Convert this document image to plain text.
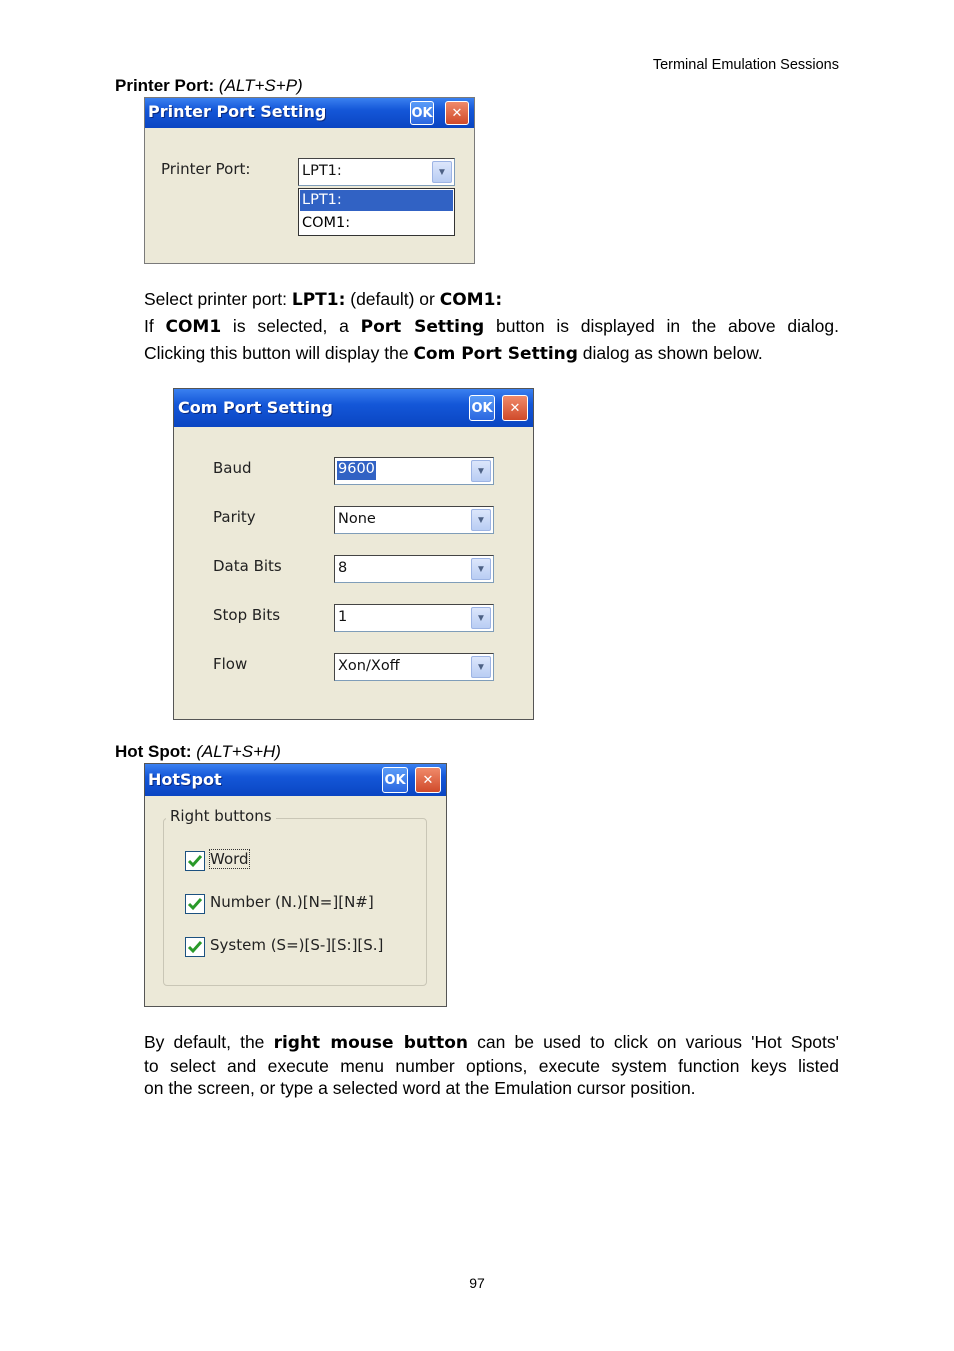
Terminal Emulation Sessions
Printer Port: (ALT+S+P)
Printer Port Setting	OK ✕
Printer Port:	LPT1:	▼
LPT1:
COM1:
Select printer port: LPT1: (default) or COM1:
If COM1 is selected, a Port Setting button is displayed in the above dialog.
Clicking this button will display the Com Port Setting dialog as shown below.
Com Port Setting	OK ✕
Baud	9600	▼
Parity	None	▼
Data Bits	8	▼
Stop Bits	1	▼
Flow	Xon/Xoff	▼
Hot Spot: (ALT+S+H)
HotSpot	OK ✕
Right buttons
Word
Number (N.)[N=][N#]
System (S=)[S-][S:][S.]
By default, the right mouse button can be used to click on various 'Hot Spots'
to select and execute menu number options, execute system function keys listed
on the screen, or type a selected word at the Emulation cursor position.
97
